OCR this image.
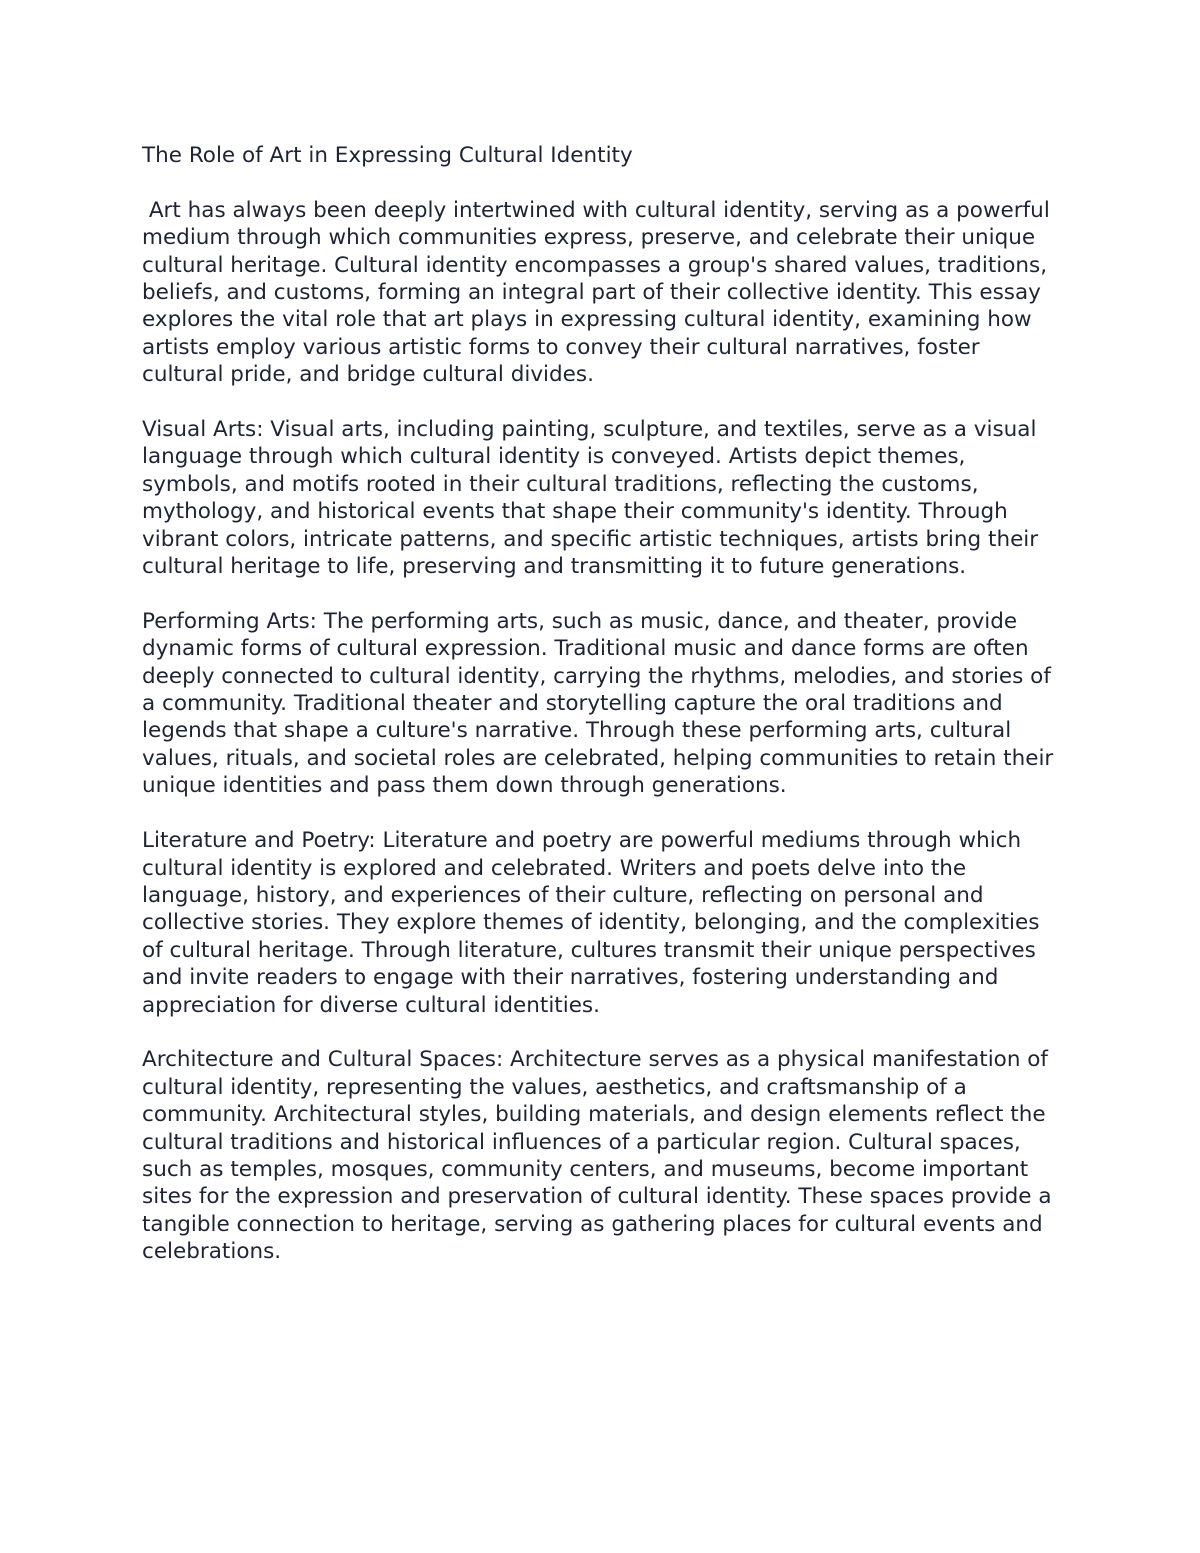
The Role of Art in Expressing Cultural Identity

Art has always been deeply intertwined with cultural identity, serving as a powerful medium through which communities express, preserve, and celebrate their unique cultural heritage. Cultural identity encompasses a group's shared values, traditions, beliefs, and customs, forming an integral part of their collective identity. This essay explores the vital role that art plays in expressing cultural identity, examining how artists employ various artistic forms to convey their cultural narratives, foster cultural pride, and bridge cultural divides.

Visual Arts: Visual arts, including painting, sculpture, and textiles, serve as a visual language through which cultural identity is conveyed. Artists depict themes, symbols, and motifs rooted in their cultural traditions, reflecting the customs, mythology, and historical events that shape their community's identity. Through vibrant colors, intricate patterns, and specific artistic techniques, artists bring their cultural heritage to life, preserving and transmitting it to future generations.

Performing Arts: The performing arts, such as music, dance, and theater, provide dynamic forms of cultural expression. Traditional music and dance forms are often deeply connected to cultural identity, carrying the rhythms, melodies, and stories of a community. Traditional theater and storytelling capture the oral traditions and legends that shape a culture's narrative. Through these performing arts, cultural values, rituals, and societal roles are celebrated, helping communities to retain their unique identities and pass them down through generations.

Literature and Poetry: Literature and poetry are powerful mediums through which cultural identity is explored and celebrated. Writers and poets delve into the language, history, and experiences of their culture, reflecting on personal and collective stories. They explore themes of identity, belonging, and the complexities of cultural heritage. Through literature, cultures transmit their unique perspectives and invite readers to engage with their narratives, fostering understanding and appreciation for diverse cultural identities.

Architecture and Cultural Spaces: Architecture serves as a physical manifestation of cultural identity, representing the values, aesthetics, and craftsmanship of a community. Architectural styles, building materials, and design elements reflect the cultural traditions and historical influences of a particular region. Cultural spaces, such as temples, mosques, community centers, and museums, become important sites for the expression and preservation of cultural identity. These spaces provide a tangible connection to heritage, serving as gathering places for cultural events and celebrations.
